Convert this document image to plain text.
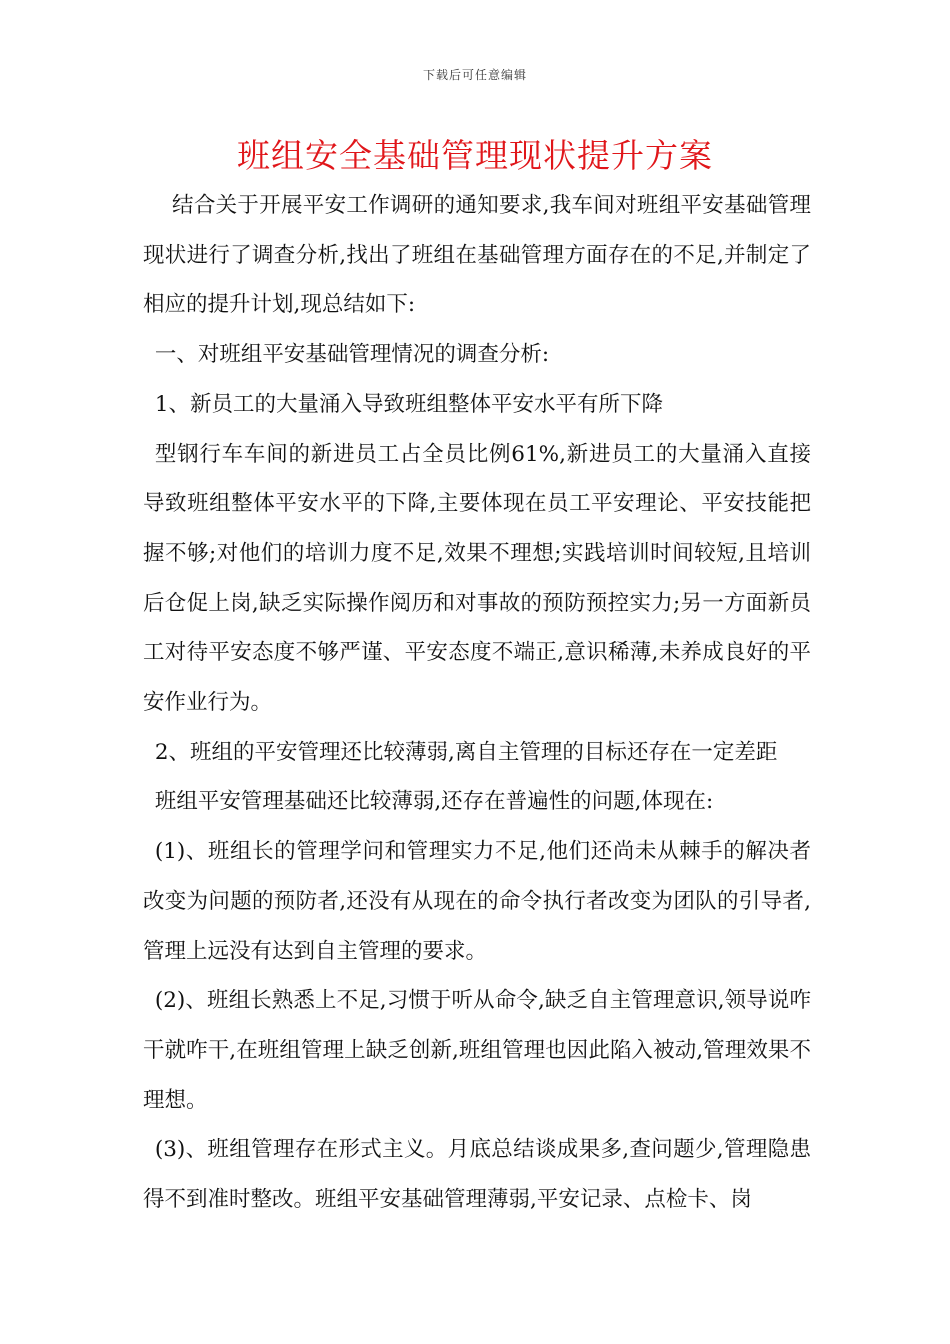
下载后可任意编辑
班组安全基础管理现状提升方案

结合关于开展平安工作调研的通知要求,我车间对班组平安基础管理现状进行了调查分析,找出了班组在基础管理方面存在的不足,并制定了相应的提升计划,现总结如下:

一、对班组平安基础管理情况的调查分析:

1、新员工的大量涌入导致班组整体平安水平有所下降

型钢行车车间的新进员工占全员比例61%,新进员工的大量涌入直接导致班组整体平安水平的下降,主要体现在员工平安理论、平安技能把握不够;对他们的培训力度不足,效果不理想;实践培训时间较短,且培训后仓促上岗,缺乏实际操作阅历和对事故的预防预控实力;另一方面新员工对待平安态度不够严谨、平安态度不端正,意识稀薄,未养成良好的平安作业行为。

2、班组的平安管理还比较薄弱,离自主管理的目标还存在一定差距

班组平安管理基础还比较薄弱,还存在普遍性的问题,体现在:

(1)、班组长的管理学问和管理实力不足,他们还尚未从棘手的解决者改变为问题的预防者,还没有从现在的命令执行者改变为团队的引导者,管理上远没有达到自主管理的要求。

(2)、班组长熟悉上不足,习惯于听从命令,缺乏自主管理意识,领导说咋干就咋干,在班组管理上缺乏创新,班组管理也因此陷入被动,管理效果不理想。

(3)、班组管理存在形式主义。月底总结谈成果多,查问题少,管理隐患得不到准时整改。班组平安基础管理薄弱,平安记录、点检卡、岗
